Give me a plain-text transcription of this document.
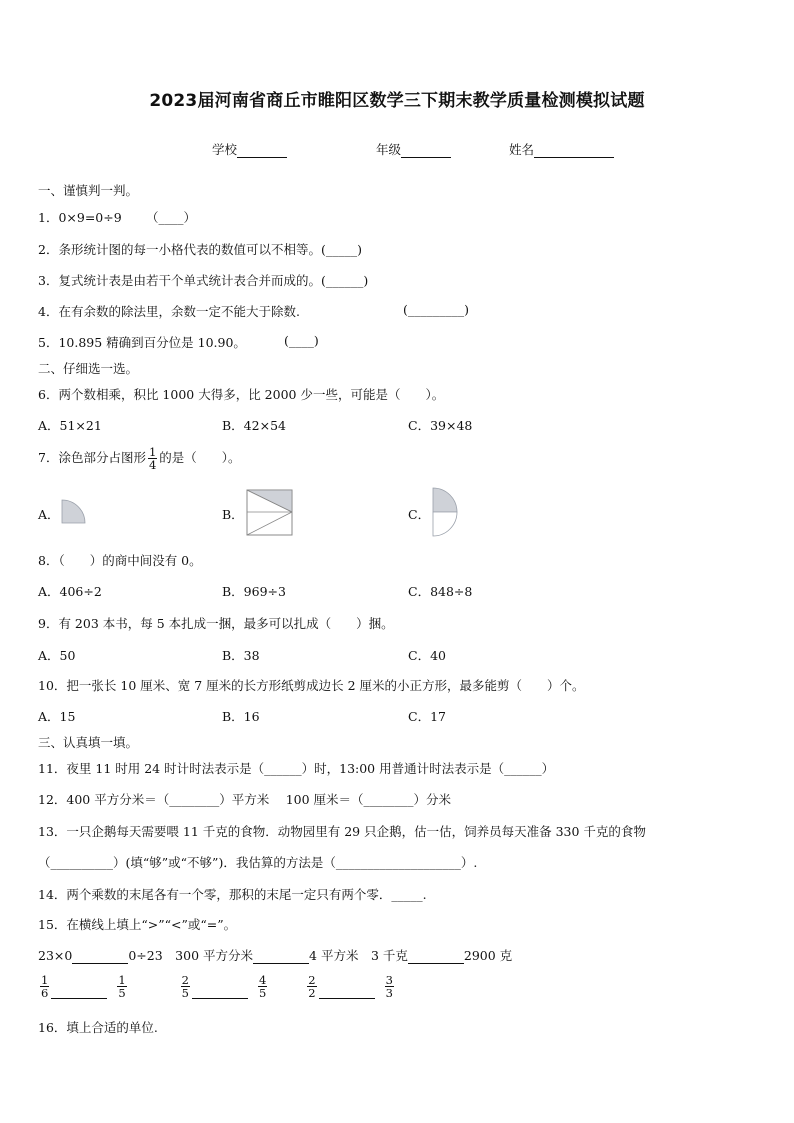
2023届河南省商丘市睢阳区数学三下期末教学质量检测模拟试题
学校	年级	姓名
一、谨慎判一判。
1．0×9=0÷9 （____）
2．条形统计图的每一小格代表的数值可以不相等。(_____)
3．复式统计表是由若干个单式统计表合并而成的。(______)
4．在有余数的除法里，余数一定不能大于除数.	(_________)
5．10.895 精确到百分位是 10.90。	(____)
二、仔细选一选。
6．两个数相乘，积比 1000 大得多，比 2000 少一些，可能是（　　）。
A．51×21	B．42×54	C．39×48
7．涂色部分占图形 $\frac{1}{4}$ 的是（　　）。
A．	B．	C．
8．（　　）的商中间没有 0。
A．406÷2	B．969÷3	C．848÷8
9．有 203 本书，每 5 本扎成一捆，最多可以扎成（　　）捆。
A．50	B．38	C．40
10．把一张长 10 厘米、宽 7 厘米的长方形纸剪成边长 2 厘米的小正方形，最多能剪（　　）个。
A．15	B．16	C．17
三、认真填一填。
11．夜里 11 时用 24 时计时法表示是（______）时，13:00 用普通计时法表示是（______）
12．400 平方分米＝（________）平方米　 100 厘米＝（________）分米
13．一只企鹅每天需要喂 11 千克的食物．动物园里有 29 只企鹅，估一估，饲养员每天准备 330 千克的食物
（__________）(填“够”或“不够”)．我估算的方法是（____________________）.
14．两个乘数的末尾各有一个零，那积的末尾一定只有两个零．_____.
15．在横线上填上“>”“<”或“=”。
23×0	0÷23　300 平方分米	4 平方米　3 千克	2900 克
$\frac{1}{6}$	$\frac{1}{5}$
	$\frac{2}{5}$	$\frac{4}{5}$
	$\frac{2}{2}$	$\frac{3}{3}$
16．填上合适的单位.
